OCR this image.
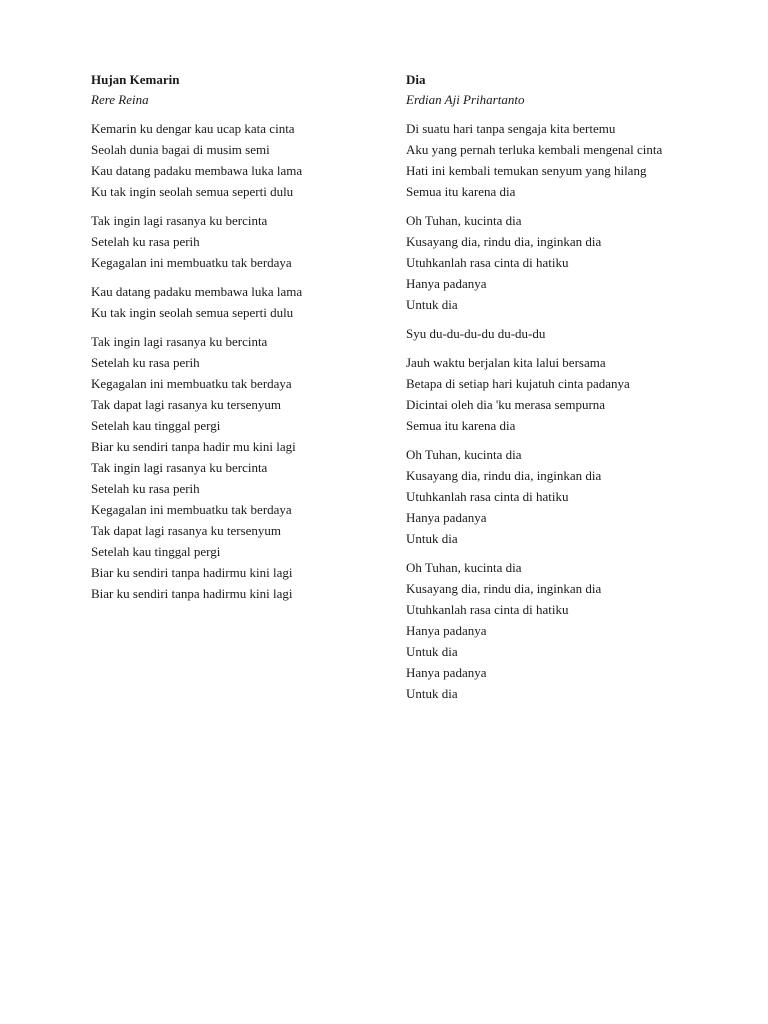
Hujan Kemarin
Rere Reina
Kemarin ku dengar kau ucap kata cinta
Seolah dunia bagai di musim semi
Kau datang padaku membawa luka lama
Ku tak ingin seolah semua seperti dulu
Tak ingin lagi rasanya ku bercinta
Setelah ku rasa perih
Kegagalan ini membuatku tak berdaya
Kau datang padaku membawa luka lama
Ku tak ingin seolah semua seperti dulu
Tak ingin lagi rasanya ku bercinta
Setelah ku rasa perih
Kegagalan ini membuatku tak berdaya
Tak dapat lagi rasanya ku tersenyum
Setelah kau tinggal pergi
Biar ku sendiri tanpa hadir mu kini lagi
Tak ingin lagi rasanya ku bercinta
Setelah ku rasa perih
Kegagalan ini membuatku tak berdaya
Tak dapat lagi rasanya ku tersenyum
Setelah kau tinggal pergi
Biar ku sendiri tanpa hadirmu kini lagi
Biar ku sendiri tanpa hadirmu kini lagi
Dia
Erdian Aji Prihartanto
Di suatu hari tanpa sengaja kita bertemu
Aku yang pernah terluka kembali mengenal cinta
Hati ini kembali temukan senyum yang hilang
Semua itu karena dia
Oh Tuhan, kucinta dia
Kusayang dia, rindu dia, inginkan dia
Utuhkanlah rasa cinta di hatiku
Hanya padanya
Untuk dia
Syu du-du-du-du du-du-du
Jauh waktu berjalan kita lalui bersama
Betapa di setiap hari kujatuh cinta padanya
Dicintai oleh dia 'ku merasa sempurna
Semua itu karena dia
Oh Tuhan, kucinta dia
Kusayang dia, rindu dia, inginkan dia
Utuhkanlah rasa cinta di hatiku
Hanya padanya
Untuk dia
Oh Tuhan, kucinta dia
Kusayang dia, rindu dia, inginkan dia
Utuhkanlah rasa cinta di hatiku
Hanya padanya
Untuk dia
Hanya padanya
Untuk dia
